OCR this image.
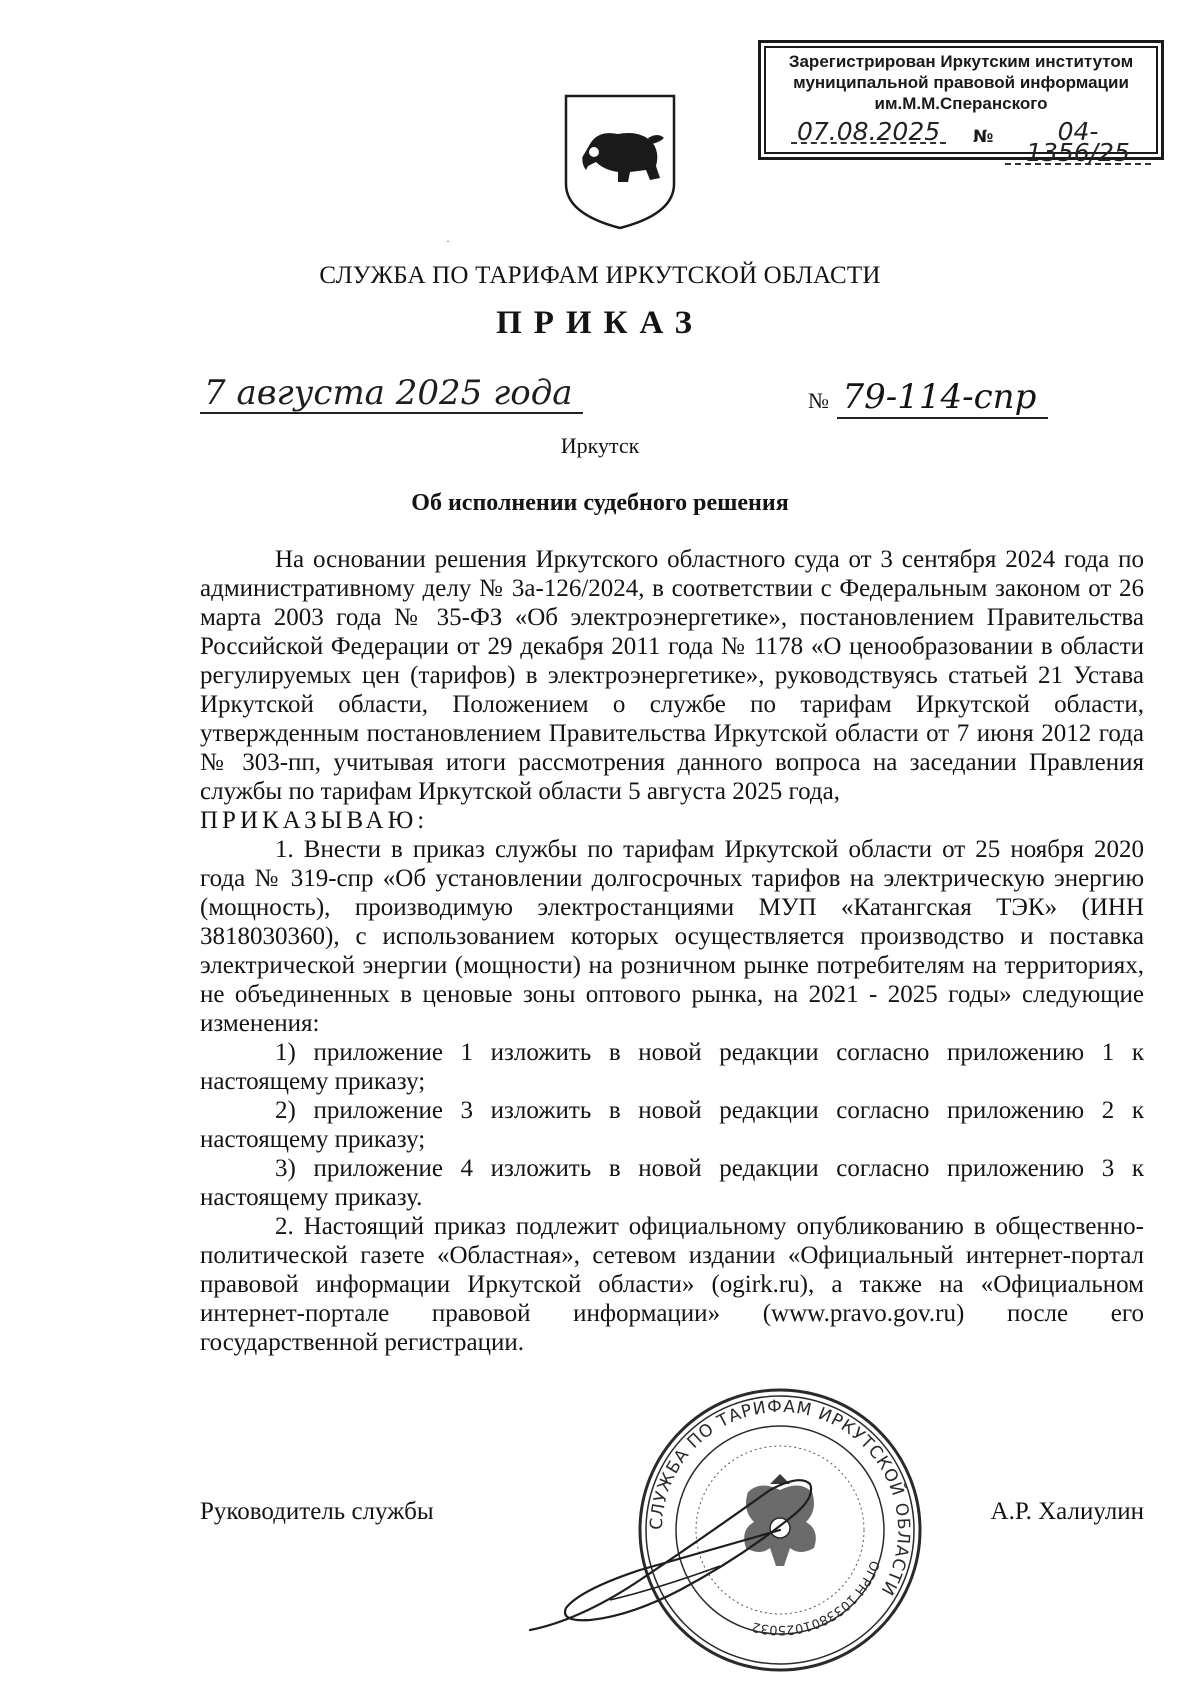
Зарегистрирован Иркутским институтом
муниципальной правовой информации
им.М.М.Сперанского
07.08.2025	№	04-1356/25
·
СЛУЖБА ПО ТАРИФАМ ИРКУТСКОЙ ОБЛАСТИ
ПРИКАЗ
7 августа 2025 года	№ 79-114-спр
Иркутск
Об исполнении судебного решения

На основании решения Иркутского областного суда от 3 сентября 2024 года по административному делу № 3а-126/2024, в соответствии с Федеральным законом от 26 марта 2003 года № 35-ФЗ «Об электроэнергетике», постановлением Правительства Российской Федерации от 29 декабря 2011 года № 1178 «О ценообразовании в области регулируемых цен (тарифов) в электроэнергетике», руководствуясь статьей 21 Устава Иркутской области, Положением о службе по тарифам Иркутской области, утвержденным постановлением Правительства Иркутской области от 7 июня 2012 года № 303-пп, учитывая итоги рассмотрения данного вопроса на заседании Правления службы по тарифам Иркутской области 5 августа 2025 года,

ПРИКАЗЫВАЮ:

1. Внести в приказ службы по тарифам Иркутской области от 25 ноября 2020 года № 319-спр «Об установлении долгосрочных тарифов на электрическую энергию (мощность), производимую электростанциями МУП «Катангская ТЭК» (ИНН 3818030360), с использованием которых осуществляется производство и поставка электрической энергии (мощности) на розничном рынке потребителям на территориях, не объединенных в ценовые зоны оптового рынка, на 2021 - 2025 годы» следующие изменения:

1) приложение 1 изложить в новой редакции согласно приложению 1 к настоящему приказу;

2) приложение 3 изложить в новой редакции согласно приложению 2 к настоящему приказу;

3) приложение 4 изложить в новой редакции согласно приложению 3 к настоящему приказу.

2. Настоящий приказ подлежит официальному опубликованию в общественно-политической газете «Областная», сетевом издании «Официальный интернет-портал правовой информации Иркутской области» (ogirk.ru), а также на «Официальном интернет-портале правовой информации» (www.pravo.gov.ru) после его государственной регистрации.

СЛУЖБА ПО ТАРИФАМ ИРКУТСКОЙ ОБЛАСТИ
ОГРН 1033801025032
Руководитель службы	А.Р. Халиулин
